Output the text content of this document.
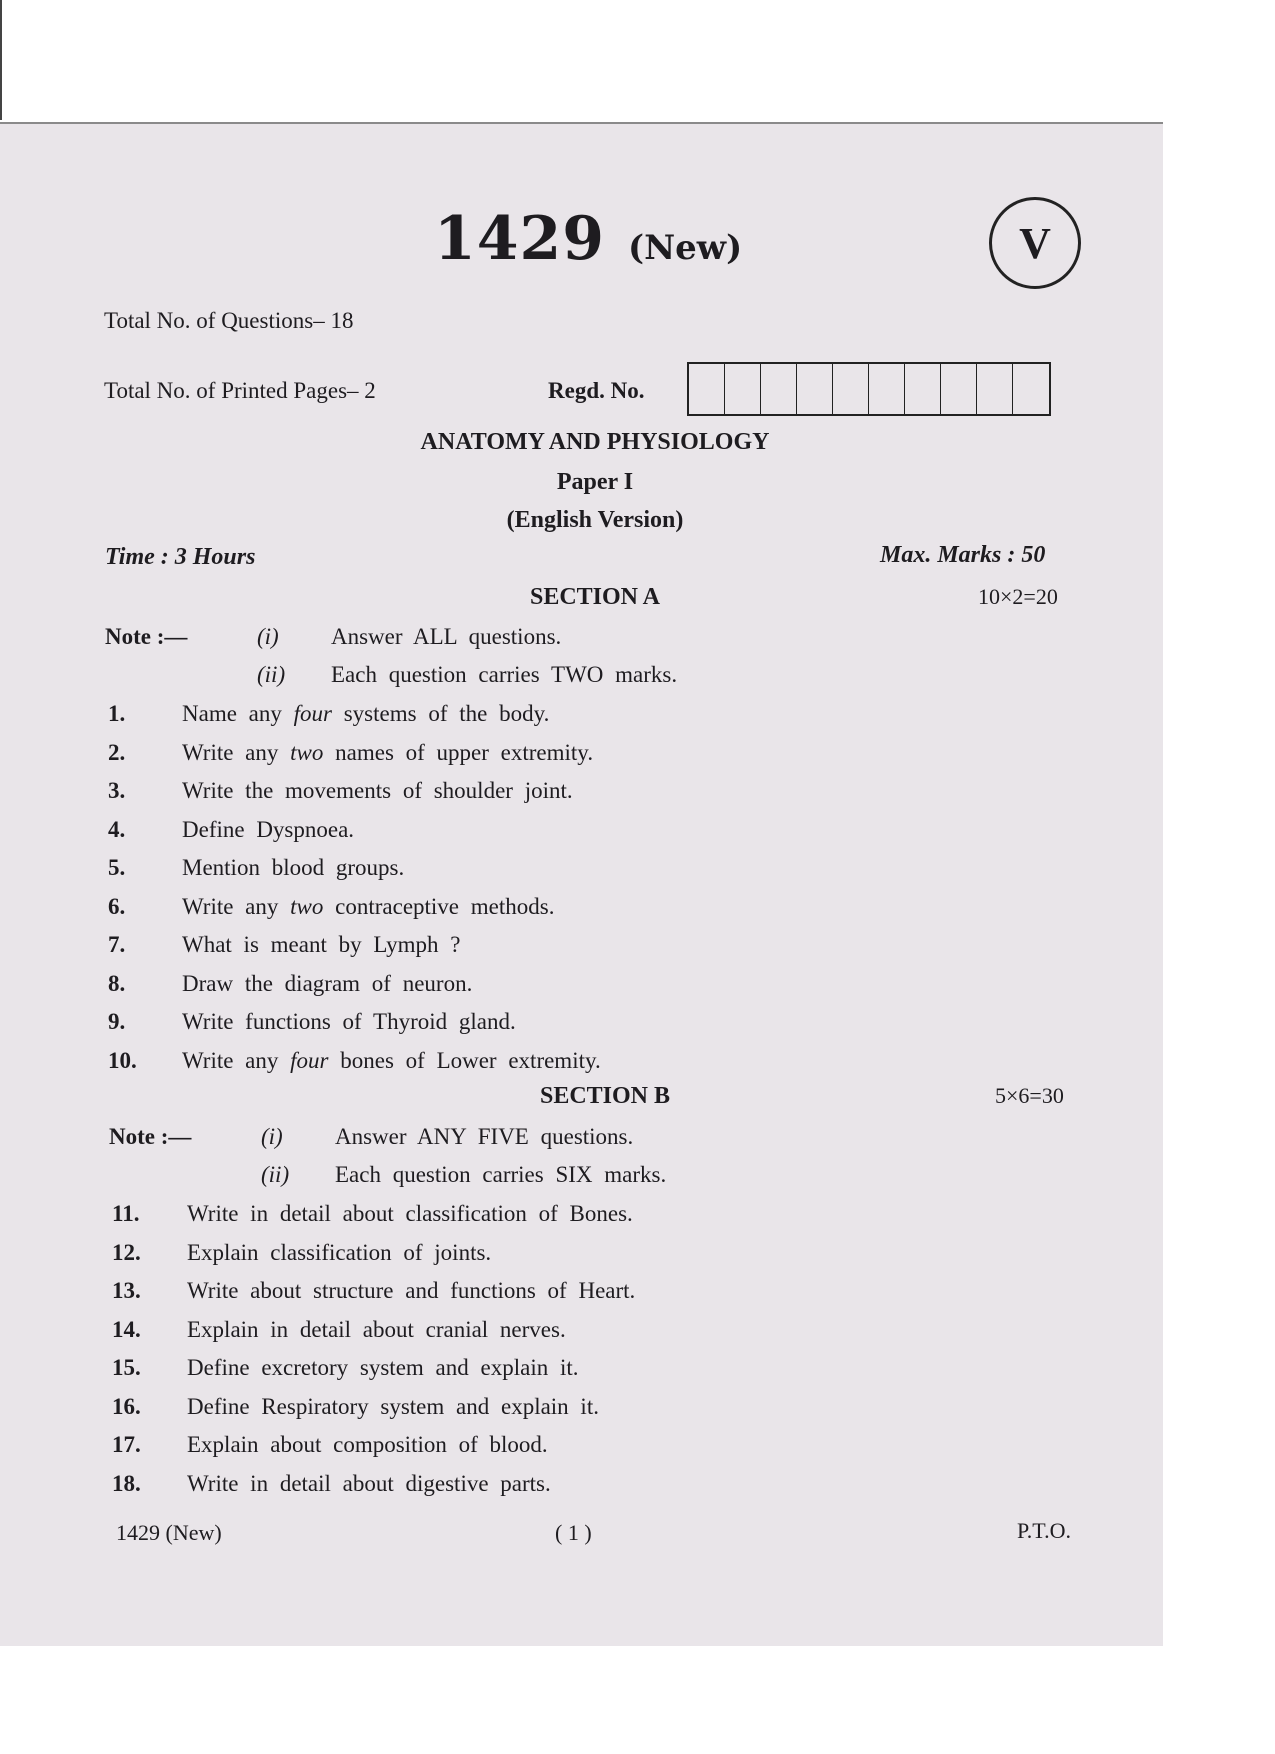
1429 (New)	V
Total No. of Questions– 18
Total No. of Printed Pages– 2	Regd. No.
ANATOMY AND PHYSIOLOGY
Paper I
(English Version)
Time : 3 Hours	Max. Marks : 50
SECTION A	10×2=20
Note :—	(i) Answer ALL questions.
(ii) Each question carries TWO marks.
1. Name any four systems of the body.
2. Write any two names of upper extremity.
3. Write the movements of shoulder joint.
4. Define Dyspnoea.
5. Mention blood groups.
6. Write any two contraceptive methods.
7. What is meant by Lymph ?
8. Draw the diagram of neuron.
9. Write functions of Thyroid gland.
10. Write any four bones of Lower extremity.
SECTION B	5×6=30
Note :—	(i) Answer ANY FIVE questions.
(ii) Each question carries SIX marks.
11. Write in detail about classification of Bones.
12. Explain classification of joints.
13. Write about structure and functions of Heart.
14. Explain in detail about cranial nerves.
15. Define excretory system and explain it.
16. Define Respiratory system and explain it.
17. Explain about composition of blood.
18. Write in detail about digestive parts.
1429 (New)	( 1 )	P.T.O.
